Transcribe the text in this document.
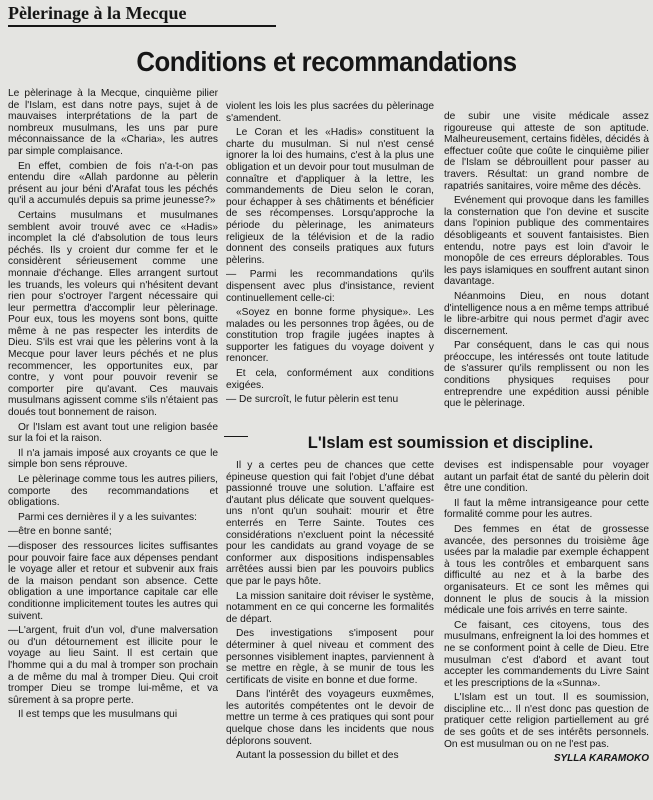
Pèlerinage à la Mecque
Conditions et recommandations

Le pèlerinage à la Mecque, cinquième pilier de l'Islam, est dans notre pays, sujet à de mauvaises interprétations de la part de nombreux musulmans, les uns par pure méconnaissance de la «Charia», les autres par simple complaisance.

En effet, combien de fois n'a-t-on pas entendu dire «Allah pardonne au pèlerin présent au jour béni d'Arafat tous les péchés qu'il a accumulés depuis sa prime jeunesse?»

Certains musulmans et musulmanes semblent avoir trouvé avec ce «Hadis» incomplet la clé d'absolution de tous leurs péchés. Ils y croient dur comme fer et le considèrent sérieusement comme une monnaie d'échange. Elles arrangent surtout les truands, les voleurs qui n'hésitent devant rien pour s'octroyer l'argent nécessaire qui leur permettra d'accomplir leur pèlerinage. Pour eux, tous les moyens sont bons, quitte même à ne pas respecter les interdits de Dieu. S'ils est vrai que les pèlerins vont à la Mecque pour laver leurs péchés et ne plus recommencer, les opportunites eux, par contre, y vont pour pouvoir revenir se comporter pire qu'avant. Ces mauvais musulmans agissent comme s'ils n'étaient pas doués tout bonnement de raison.

Or l'Islam est avant tout une religion basée sur la foi et la raison.

Il n'a jamais imposé aux croyants ce que le simple bon sens réprouve.

Le pèlerinage comme tous les autres piliers, comporte des recommandations et obligations.

Parmi ces dernières il y a les suivantes:

—être en bonne santé;

—disposer des ressources licites suffisantes pour pouvoir faire face aux dépenses pendant le voyage aller et retour et subvenir aux frais de la maison pendant son absence. Cette obligation a une importance capitale car elle conditionne implicitement toutes les autres qui suivent.

—L'argent, fruit d'un vol, d'une malversation ou d'un détournement est illicite pour le voyage au lieu Saint. Il est certain que l'homme qui a du mal à tromper son prochain a de même du mal à tromper Dieu. Qui croit tromper Dieu se trompe lui-même, et va sûrement à sa propre perte.

Il est temps que les musulmans qui

violent les lois les plus sacrées du pèlerinage s'amendent.

Le Coran et les «Hadis» constituent la charte du musulman. Si nul n'est censé ignorer la loi des humains, c'est à la plus une obligation et un devoir pour tout musulman de connaître et d'appliquer à la lettre, les commandements de Dieu selon le coran, pour échapper à ses châtiments et bénéficier de ses récompenses. Lorsqu'approche la période du pèlerinage, les animateurs religieux de la télévision et de la radio donnent des conseils pratiques aux futurs pèlerins.

— Parmi les recommandations qu'ils dispensent avec plus d'insistance, revient continuellement celle-ci:

«Soyez en bonne forme physique». Les malades ou les personnes trop âgées, ou de constitution trop fragile jugées inaptes à supporter les fatigues du voyage doivent y renoncer.

Et cela, conformément aux conditions exigées.

— De surcroît, le futur pèlerin est tenu

de subir une visite médicale assez rigoureuse qui atteste de son aptitude. Malheureusement, certains fidèles, décidés à effectuer coûte que coûte le cinquième pilier de l'Islam se débrouillent pour passer au travers. Résultat: un grand nombre de rapatriés sanitaires, voire même des décès.

Evénement qui provoque dans les familles la consternation que l'on devine et suscite dans l'opinion publique des commentaires désobligeants et souvent fantaisistes. Bien entendu, notre pays est loin d'avoir le monopôle de ces erreurs déplorables. Tous les pays islamiques en souffrent autant sinon davantage.

Néanmoins Dieu, en nous dotant d'intelligence nous a en même temps attribué le libre-arbitre qui nous permet d'agir avec discernement.

Par conséquent, dans le cas qui nous préoccupe, les intéressés ont toute latitude de s'assurer qu'ils remplissent ou non les conditions physiques requises pour entreprendre une expédition aussi pénible que le pèlerinage.

L'Islam est soumission et discipline.

Il y a certes peu de chances que cette épineuse question qui fait l'objet d'une débat passionné trouve une solution. L'affaire est d'autant plus délicate que souvent quelques-uns n'ont qu'un souhait: mourir et être enterrés en Terre Sainte. Toutes ces considérations n'excluent point la nécessité pour les candidats au grand voyage de se conformer aux dispositions indispensables arrêtées aussi bien par les pouvoirs publics que par le pays hôte.

La mission sanitaire doit réviser le système, notamment en ce qui concerne les formalités de départ.

Des investigations s'imposent pour déterminer à quel niveau et comment des personnes visiblement inaptes, parviennent à se mettre en règle, à se munir de tous les certificats de visite en bonne et due forme.

Dans l'intérêt des voyageurs euxmêmes, les autorités compétentes ont le devoir de mettre un terme à ces pratiques qui sont pour quelque chose dans les incidents que nous déplorons souvent.

Autant la possession du billet et des

devises est indispensable pour voyager autant un parfait état de santé du pèlerin doit être une condition.

Il faut la même intransigeance pour cette formalité comme pour les autres.

Des femmes en état de grossesse avancée, des personnes du troisième âge usées par la maladie par exemple échappent à tous les contrôles et embarquent sans difficulté au nez et à la barbe des organisateurs. Et ce sont les mêmes qui donnent le plus de soucis à la mission médicale une fois arrivés en terre sainte.

Ce faisant, ces citoyens, tous des musulmans, enfreignent la loi des hommes et ne se conforment point à celle de Dieu. Etre musulman c'est d'abord et avant tout accepter les commandements du Livre Saint et les prescriptions de la «Sunna».

L'Islam est un tout. Il es soumission, discipline etc... Il n'est donc pas question de pratiquer cette religion partiellement au gré de ses goûts et de ses intérêts personnels. On est musulman ou on ne l'est pas.

SYLLA KARAMOKO
